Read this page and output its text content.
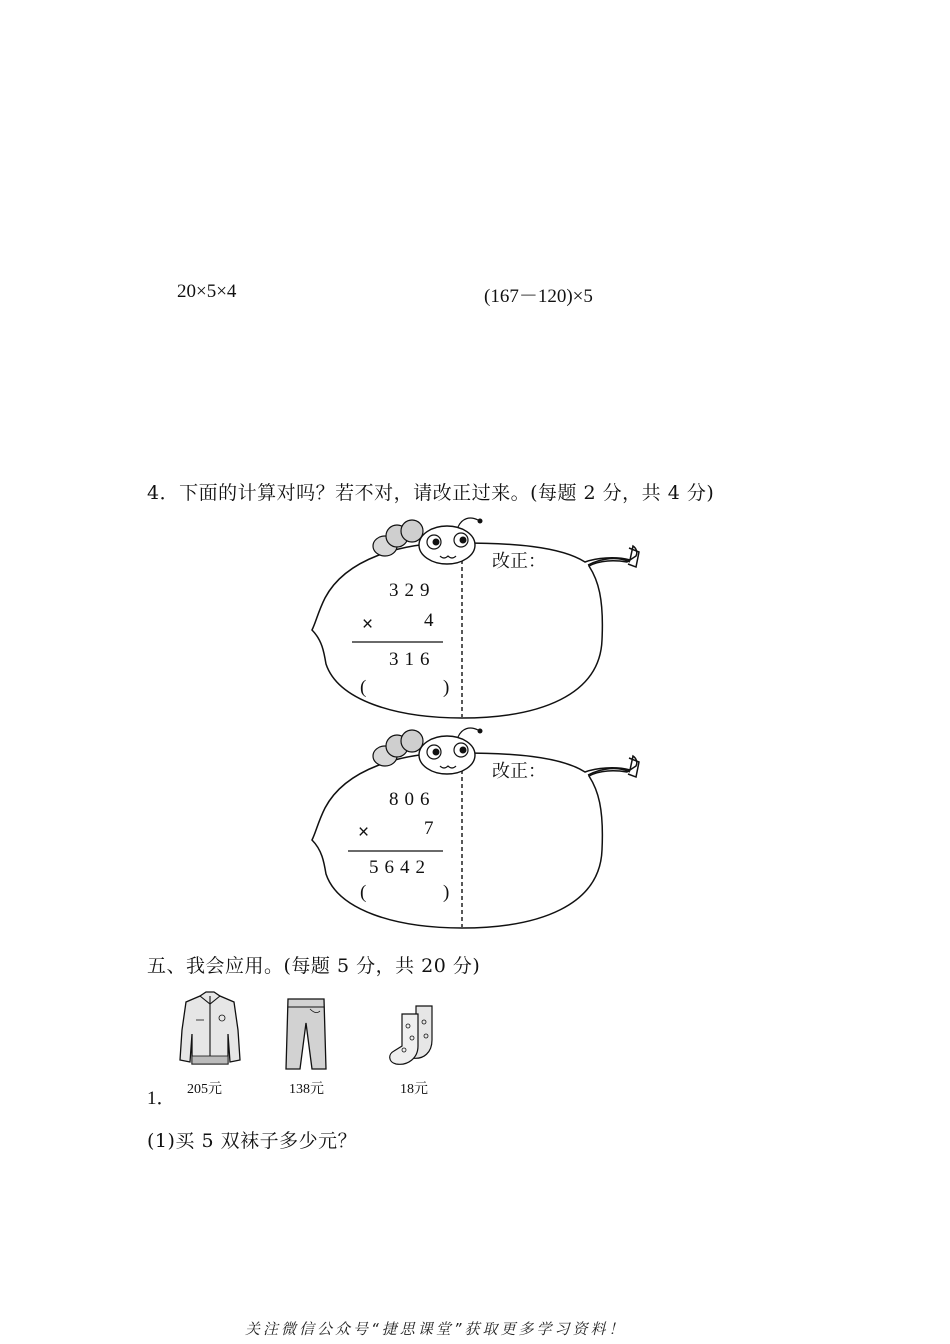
20×5×4	(167－120)×5
4．下面的计算对吗？若不对，请改正过来。(每题 2 分，共 4 分)
改正：
329
×	4
316
(	)
改正：
806
×	7
5642
(	)
五、我会应用。(每题 5 分，共 20 分)
205元	138元	18元
1．
(1)买 5 双袜子多少元？
关注微信公众号“捷思课堂”获取更多学习资料！
